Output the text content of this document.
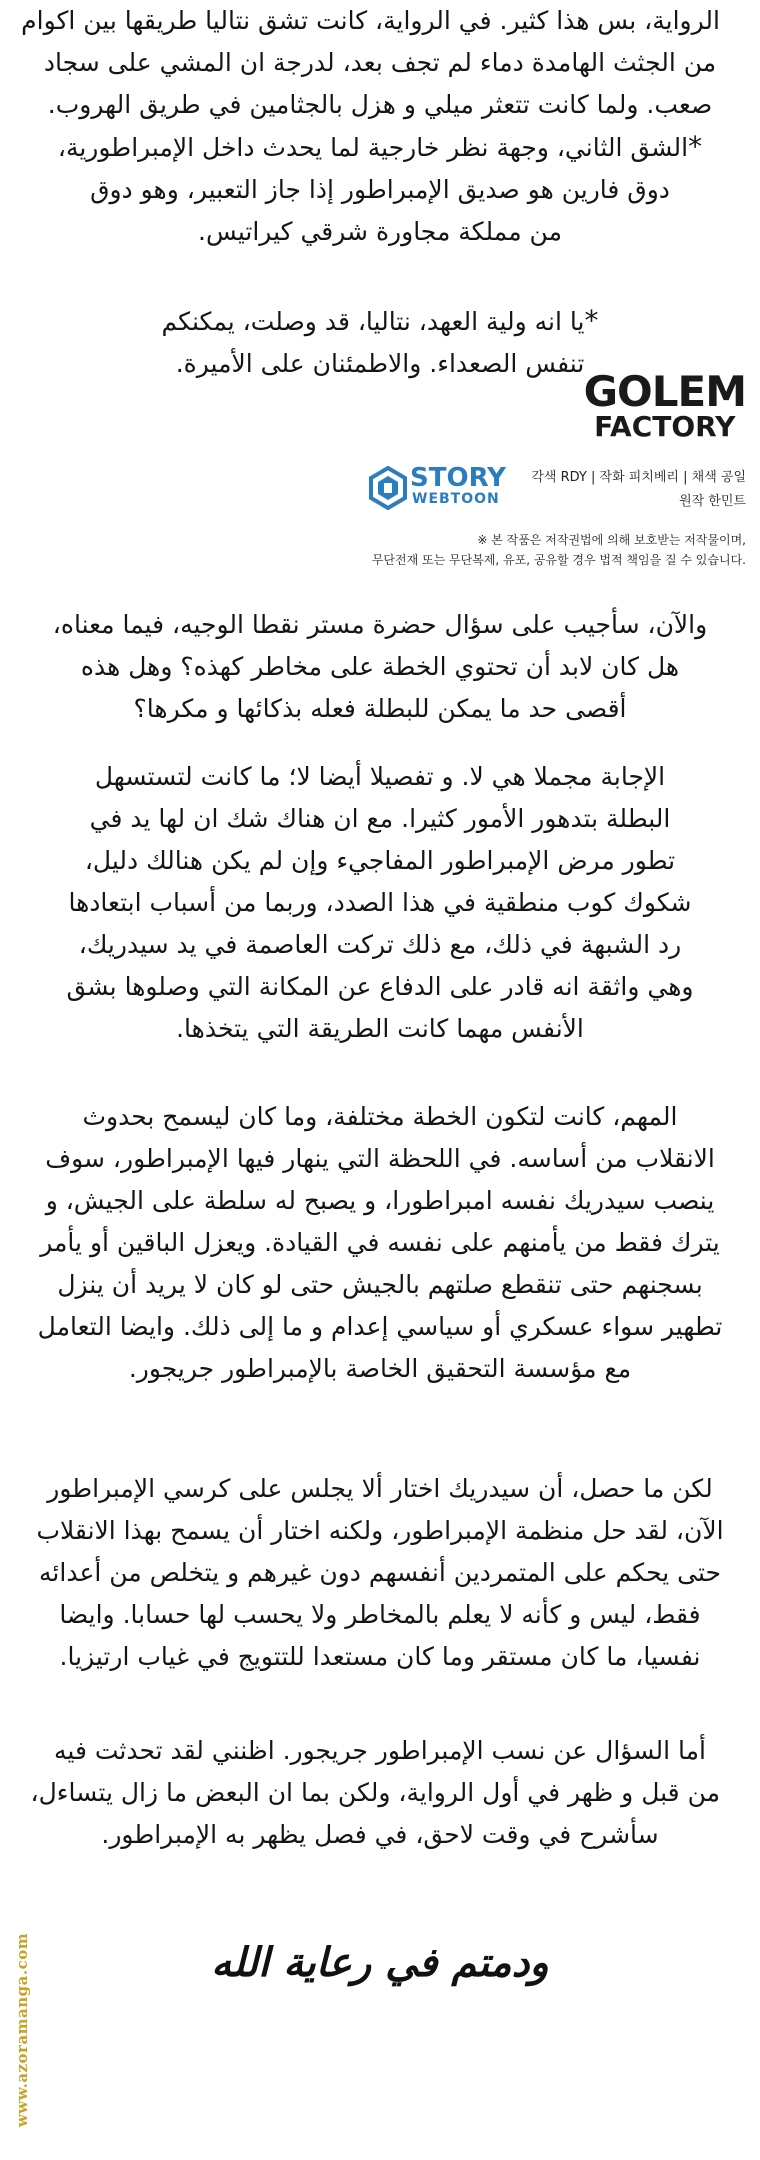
الرواية، بس هذا كثير. في الرواية، كانت تشق نتاليا طريقها بين اكوام
من الجثث الهامدة دماء لم تجف بعد، لدرجة ان المشي على سجاد
صعب. ولما كانت تتعثر ميلي و هزل بالجثامين في طريق الهروب.
*الشق الثاني، وجهة نظر خارجية لما يحدث داخل الإمبراطورية،
دوق فارين هو صديق الإمبراطور إذا جاز التعبير، وهو دوق
من مملكة مجاورة شرقي كيراتيس.
*يا انه ولية العهد، نتاليا، قد وصلت، يمكنكم
تنفس الصعداء. والاطمئنان على الأميرة.
GOLEM
FACTORY
STORY
WEBTOON
각색 RDY | 작화 피치베리 | 채색 공일
원작 한민트
※ 본 작품은 저작권법에 의해 보호받는 저작물이며,
무단전재 또는 무단복제, 유포, 공유할 경우 법적 책임을 질 수 있습니다.
والآن، سأجيب على سؤال حضرة مستر نقطا الوجيه، فيما معناه،
هل كان لابد أن تحتوي الخطة على مخاطر كهذه؟ وهل هذه
أقصى حد ما يمكن للبطلة فعله بذكائها و مكرها؟
الإجابة مجملا هي لا. و تفصيلا أيضا لا؛ ما كانت لتستسهل
البطلة بتدهور الأمور كثيرا. مع ان هناك شك ان لها يد في
تطور مرض الإمبراطور المفاجيء وإن لم يكن هنالك دليل،
شكوك كوب منطقية في هذا الصدد، وربما من أسباب ابتعادها
رد الشبهة في ذلك، مع ذلك تركت العاصمة في يد سيدريك،
وهي واثقة انه قادر على الدفاع عن المكانة التي وصلوها بشق
الأنفس مهما كانت الطريقة التي يتخذها.
المهم، كانت لتكون الخطة مختلفة، وما كان ليسمح بحدوث
الانقلاب من أساسه. في اللحظة التي ينهار فيها الإمبراطور، سوف
ينصب سيدريك نفسه امبراطورا، و يصبح له سلطة على الجيش، و
يترك فقط من يأمنهم على نفسه في القيادة. ويعزل الباقين أو يأمر
بسجنهم حتى تنقطع صلتهم بالجيش حتى لو كان لا يريد أن ينزل
تطهير سواء عسكري أو سياسي إعدام و ما إلى ذلك. وايضا التعامل
مع مؤسسة التحقيق الخاصة بالإمبراطور جريجور.
لكن ما حصل، أن سيدريك اختار ألا يجلس على كرسي الإمبراطور
الآن، لقد حل منظمة الإمبراطور، ولكنه اختار أن يسمح بهذا الانقلاب
حتى يحكم على المتمردين أنفسهم دون غيرهم و يتخلص من أعدائه
فقط، ليس و كأنه لا يعلم بالمخاطر ولا يحسب لها حسابا. وايضا
نفسيا، ما كان مستقر وما كان مستعدا للتتويج في غياب ارتيزيا.
أما السؤال عن نسب الإمبراطور جريجور. اظنني لقد تحدثت فيه
من قبل و ظهر في أول الرواية، ولكن بما ان البعض ما زال يتساءل،
سأشرح في وقت لاحق، في فصل يظهر به الإمبراطور.
ودمتم في رعاية الله
www.azoramanga.com
